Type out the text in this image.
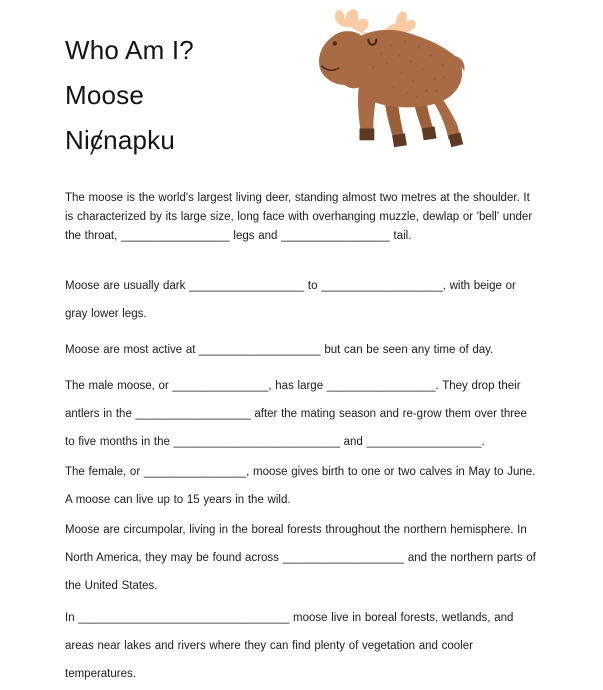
Who Am I?
Moose
Niȼnapku

The moose is the world's largest living deer, standing almost two metres at the shoulder. It is characterized by its large size, long face with overhanging muzzle, dewlap or 'bell' under the throat, _________________ legs and _________________ tail.

Moose are usually dark __________________ to ___________________, with beige or gray lower legs.

Moose are most active at ___________________ but can be seen any time of day.

The male moose, or _______________, has large _________________. They drop their antlers in the __________________ after the mating season and re-grow them over three to five months in the __________________________ and __________________.

The female, or ________________, moose gives birth to one or two calves in May to June. A moose can live up to 15 years in the wild.

Moose are circumpolar, living in the boreal forests throughout the northern hemisphere. In North America, they may be found across ___________________ and the northern parts of the United States.

In _________________________________ moose live in boreal forests, wetlands, and areas near lakes and rivers where they can find plenty of vegetation and cooler temperatures.
